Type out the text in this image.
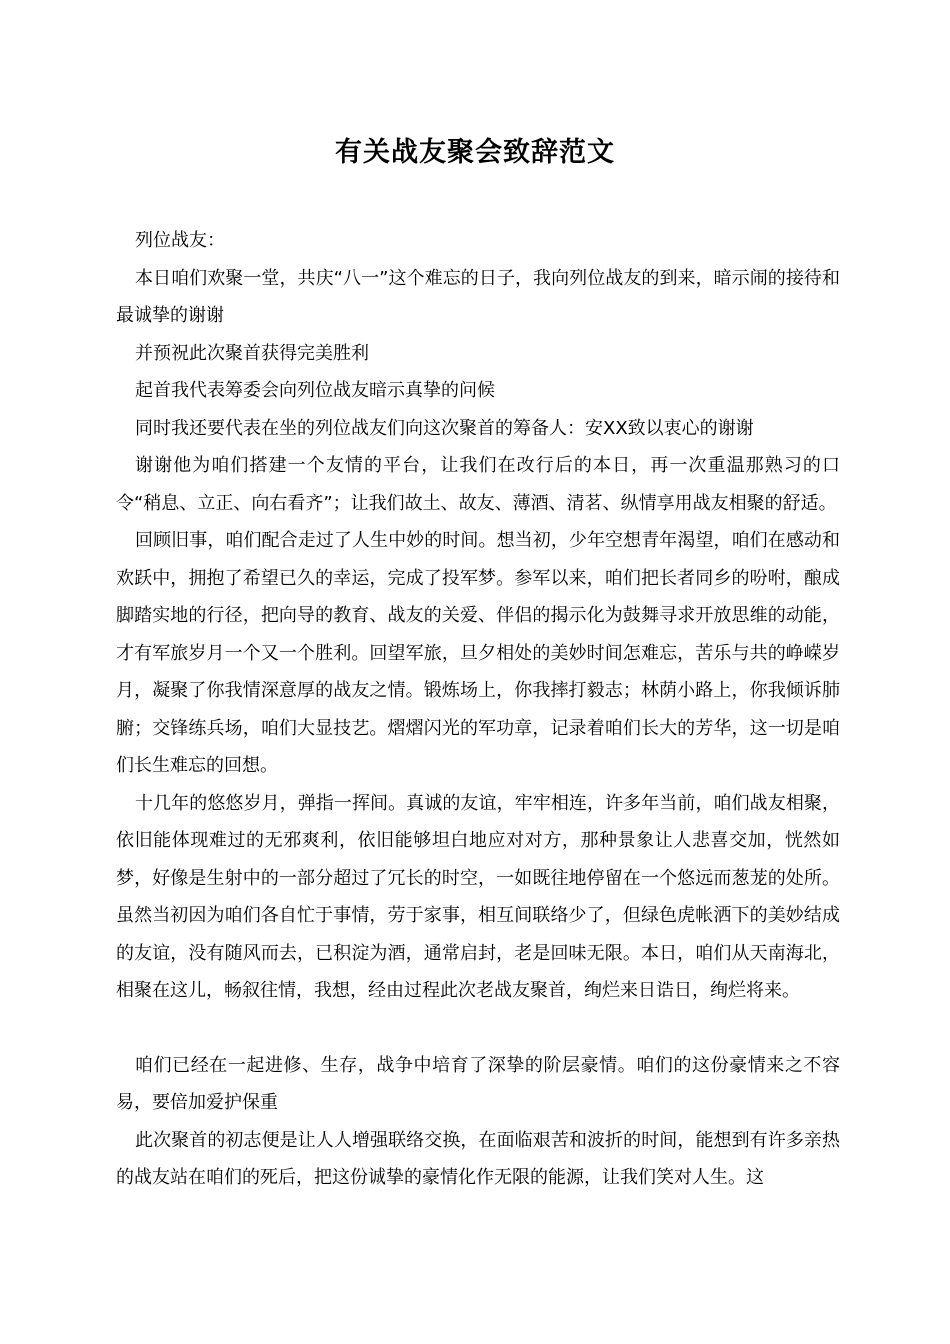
有关战友聚会致辞范文

列位战友：

本日咱们欢聚一堂，共庆“八一”这个难忘的日子，我向列位战友的到来，暗示闹的接待和最诚挚的谢谢

并预祝此次聚首获得完美胜利

起首我代表筹委会向列位战友暗示真挚的问候

同时我还要代表在坐的列位战友们向这次聚首的筹备人：安XX致以衷心的谢谢

谢谢他为咱们搭建一个友情的平台，让我们在改行后的本日，再一次重温那熟习的口令“稍息、立正、向右看齐”；让我们故土、故友、薄酒、清茗、纵情享用战友相聚的舒适。

回顾旧事，咱们配合走过了人生中妙的时间。想当初，少年空想青年渴望，咱们在感动和欢跃中，拥抱了希望已久的幸运，完成了投军梦。参军以来，咱们把长者同乡的吩咐，酿成脚踏实地的行径，把向导的教育、战友的关爱、伴侣的揭示化为鼓舞寻求开放思维的动能，才有军旅岁月一个又一个胜利。回望军旅，旦夕相处的美妙时间怎难忘，苦乐与共的峥嵘岁月，凝聚了你我情深意厚的战友之情。锻炼场上，你我摔打毅志；林荫小路上，你我倾诉肺腑；交锋练兵场，咱们大显技艺。熠熠闪光的军功章，记录着咱们长大的芳华，这一切是咱们长生难忘的回想。

十几年的悠悠岁月，弹指一挥间。真诚的友谊，牢牢相连，许多年当前，咱们战友相聚，依旧能体现难过的无邪爽利，依旧能够坦白地应对对方，那种景象让人悲喜交加，恍然如梦，好像是生射中的一部分超过了冗长的时空，一如既往地停留在一个悠远而葱茏的处所。虽然当初因为咱们各自忙于事情，劳于家事，相互间联络少了，但绿色虎帐洒下的美妙结成的友谊，没有随风而去，已积淀为酒，通常启封，老是回味无限。本日，咱们从天南海北，相聚在这儿，畅叙往情，我想，经由过程此次老战友聚首，绚烂来日诰日，绚烂将来。

咱们已经在一起进修、生存，战争中培育了深挚的阶层豪情。咱们的这份豪情来之不容易，要倍加爱护保重

此次聚首的初志便是让人人增强联络交换，在面临艰苦和波折的时间，能想到有许多亲热的战友站在咱们的死后，把这份诚挚的豪情化作无限的能源，让我们笑对人生。这
